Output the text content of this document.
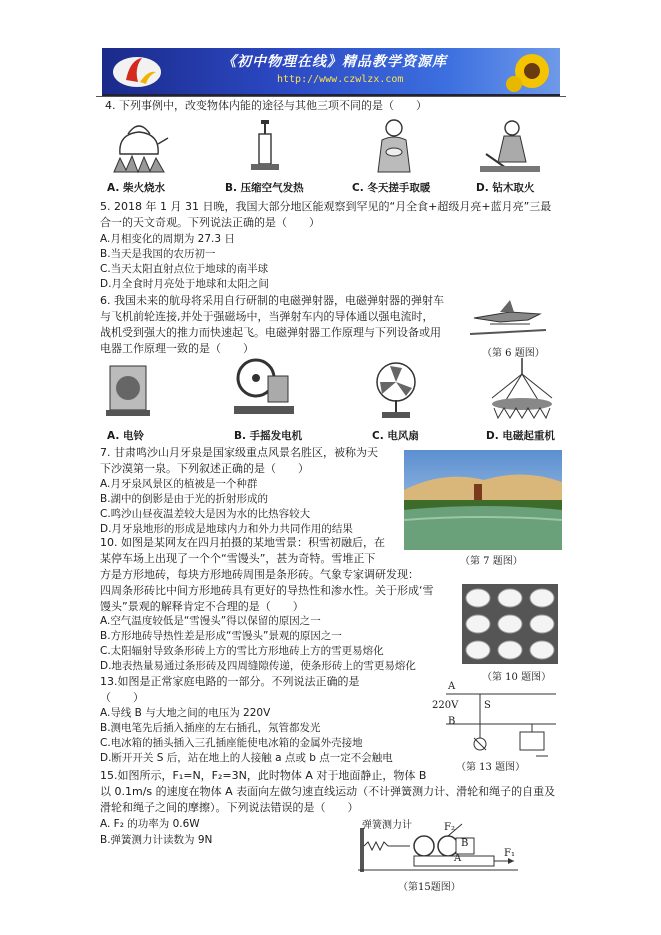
《初中物理在线》精品教学资源库
http://www.czwlzx.com
4. 下列事例中，改变物体内能的途径与其他三项不同的是（　　）
A. 柴火烧水	B. 压缩空气发热	C. 冬天搓手取暖	D. 钻木取火
5. 2018 年 1 月 31 日晚，我国大部分地区能观察到罕见的“月全食+超级月亮+蓝月亮”三最
合一的天文奇观。下列说法正确的是（　　）
A.月相变化的周期为 27.3 日
B.当天是我国的农历初一
C.当天太阳直射点位于地球的南半球
D.月全食时月亮处于地球和太阳之间
6. 我国未来的航母将采用自行研制的电磁弹射器，电磁弹射器的弹射车
与飞机前轮连接,并处于强磁场中，当弹射车内的导体通以强电流时，
战机受到强大的推力而快速起飞。电磁弹射器工作原理与下列设备或用
电器工作原理一致的是（　　）	（第 6 题图）
A. 电铃	B. 手摇发电机	C. 电风扇	D. 电磁起重机
7. 甘肃鸣沙山月牙泉是国家级重点风景名胜区，被称为天
下沙漠第一泉。下列叙述正确的是（　　）
A.月牙泉风景区的植被是一个种群
B.湖中的倒影是由于光的折射形成的
C.鸣沙山昼夜温差较大是因为水的比热容较大
D.月牙泉地形的形成是地球内力和外力共同作用的结果
（第 7 题图）
10. 如图是某网友在四月拍摄的某地雪景：积雪初融后，在
某停车场上出现了一个个“雪馒头”，甚为奇特。雪堆正下
方是方形地砖，每块方形地砖周围是条形砖。气象专家调研发现：
四周条形砖比中间方形地砖具有更好的导热性和渗水性。关于形成‘雪
馒头”景观的解释肯定不合理的是（　　）
A.空气温度较低是“雪馒头”得以保留的原因之一
B.方形地砖导热性差是形成“雪馒头”景观的原因之一
C.太阳辐射导致条形砖上方的雪比方形地砖上方的雪更易熔化
D.地表热量易通过条形砖及四周缝隙传递，使条形砖上的雪更易熔化
（第 10 题图）
13.如图是正常家庭电路的一部分。不列说法正确的是
（　　）
A.导线 B 与大地之间的电压为 220V
B.测电笔先后插入插座的左右插孔，氖管都发光
C.电冰箱的插头插入三孔插座能使电冰箱的金属外壳接地
D.断开开关 S 后，站在地上的人接触 a 点或 b 点一定不会触电
A
220V
B
S
（第 13 题图）
15.如图所示，F₁=N，F₂=3N，此时物体 A 对于地面静止，物体 B
以 0.1m/s 的速度在物体 A 表面向左做匀速直线运动（不计弹簧测力计、滑轮和绳子的自重及
滑轮和绳子之间的摩擦）。下列说法错误的是（　　）
A. F₂ 的功率为 0.6W
B.弹簧测力计读数为 9N
弹簧测力计	F₂
B
A	F₁
（第15题图）
